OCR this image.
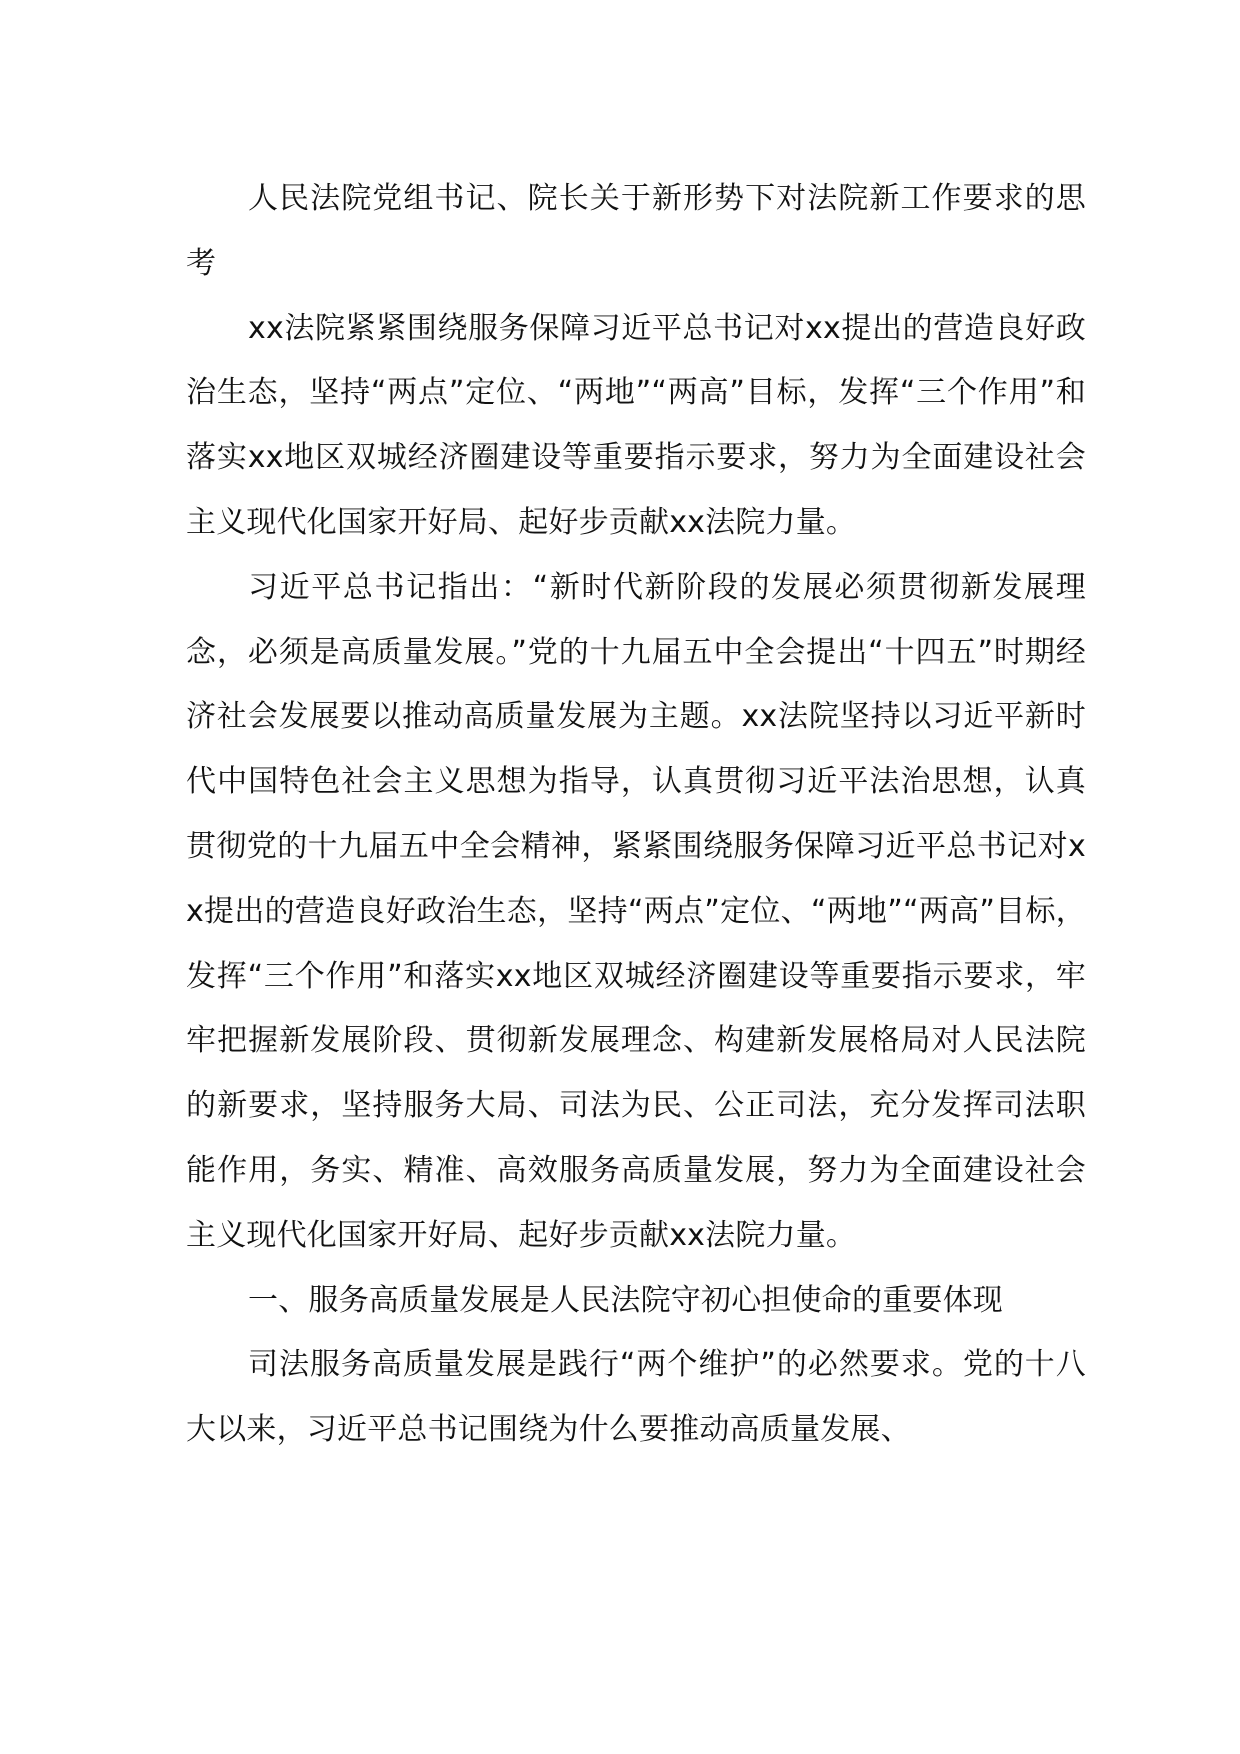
人民法院党组书记、院长关于新形势下对法院新工作要求的思考

xx法院紧紧围绕服务保障习近平总书记对xx提出的营造良好政治生态，坚持“两点”定位、“两地”“两高”目标，发挥“三个作用”和落实xx地区双城经济圈建设等重要指示要求，努力为全面建设社会主义现代化国家开好局、起好步贡献xx法院力量。

习近平总书记指出：“新时代新阶段的发展必须贯彻新发展理念，必须是高质量发展。”党的十九届五中全会提出“十四五”时期经济社会发展要以推动高质量发展为主题。xx法院坚持以习近平新时代中国特色社会主义思想为指导，认真贯彻习近平法治思想，认真贯彻党的十九届五中全会精神，紧紧围绕服务保障习近平总书记对xx提出的营造良好政治生态，坚持“两点”定位、“两地”“两高”目标，发挥“三个作用”和落实xx地区双城经济圈建设等重要指示要求，牢牢把握新发展阶段、贯彻新发展理念、构建新发展格局对人民法院的新要求，坚持服务大局、司法为民、公正司法，充分发挥司法职能作用，务实、精准、高效服务高质量发展，努力为全面建设社会主义现代化国家开好局、起好步贡献xx法院力量。

一、服务高质量发展是人民法院守初心担使命的重要体现

司法服务高质量发展是践行“两个维护”的必然要求。党的十八大以来，习近平总书记围绕为什么要推动高质量发展、
